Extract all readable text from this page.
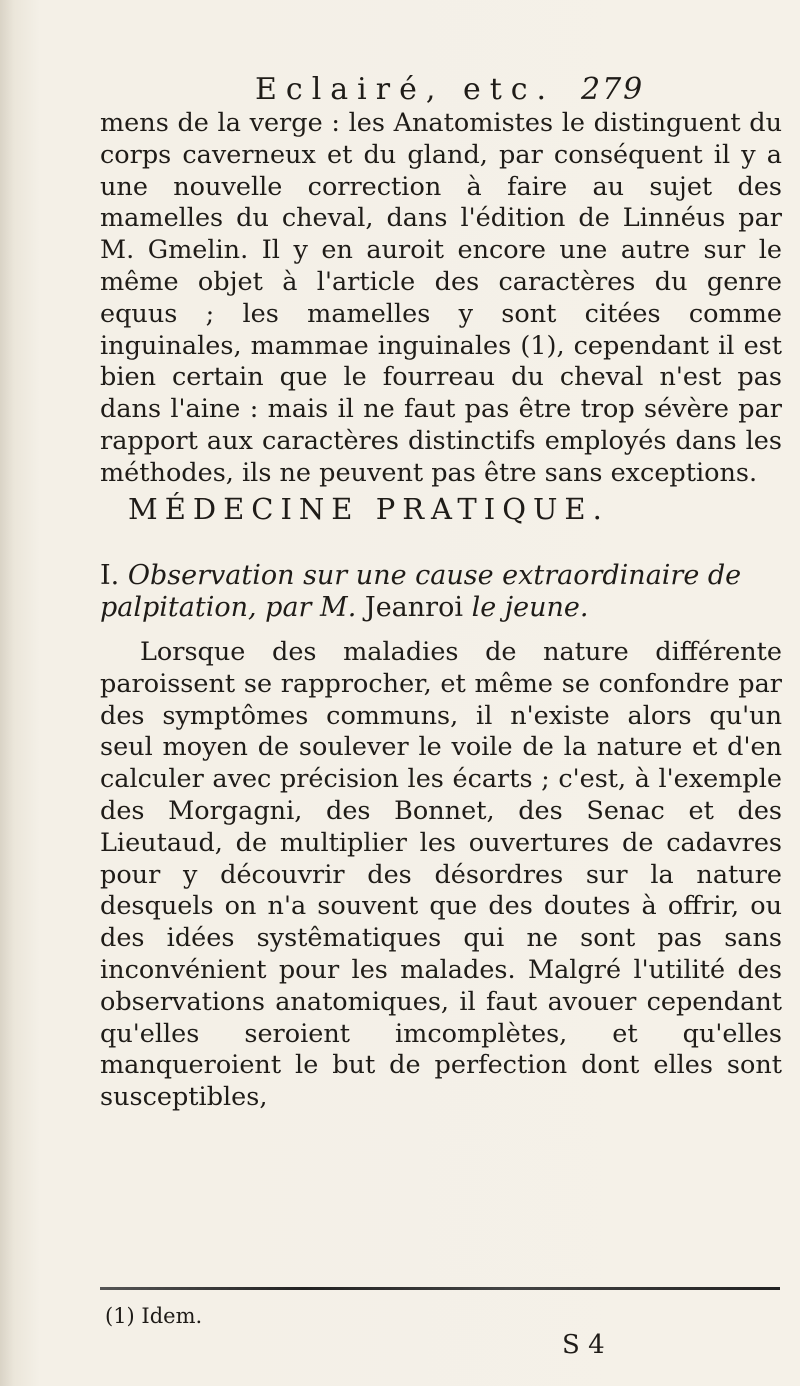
Eclairé, etc. 279
mens de la verge : les Anatomistes le distinguent du corps caverneux et du gland, par conséquent il y a une nouvelle correction à faire au sujet des mamelles du cheval, dans l'édition de Linnéus par M. Gmelin. Il y en auroit encore une autre sur le même objet à l'article des caractères du genre equus ; les mamelles y sont citées comme inguinales, mammae inguinales (1), cependant il est bien certain que le fourreau du cheval n'est pas dans l'aine : mais il ne faut pas être trop sévère par rapport aux caractères distinctifs employés dans les méthodes, ils ne peuvent pas être sans exceptions.
MÉDECINE PRATIQUE.
I. Observation sur une cause extraordinaire de palpitation, par M. Jeanroi le jeune.
Lorsque des maladies de nature différente paroissent se rapprocher, et même se confondre par des symptômes communs, il n'existe alors qu'un seul moyen de soulever le voile de la nature et d'en calculer avec précision les écarts ; c'est, à l'exemple des Morgagni, des Bonnet, des Senac et des Lieutaud, de multiplier les ouvertures de cadavres pour y découvrir des désordres sur la nature desquels on n'a souvent que des doutes à offrir, ou des idées systêmatiques qui ne sont pas sans inconvénient pour les malades. Malgré l'utilité des observations anatomiques, il faut avouer cependant qu'elles seroient imcomplètes, et qu'elles manqueroient le but de perfection dont elles sont susceptibles,
(1) Idem.
S 4
